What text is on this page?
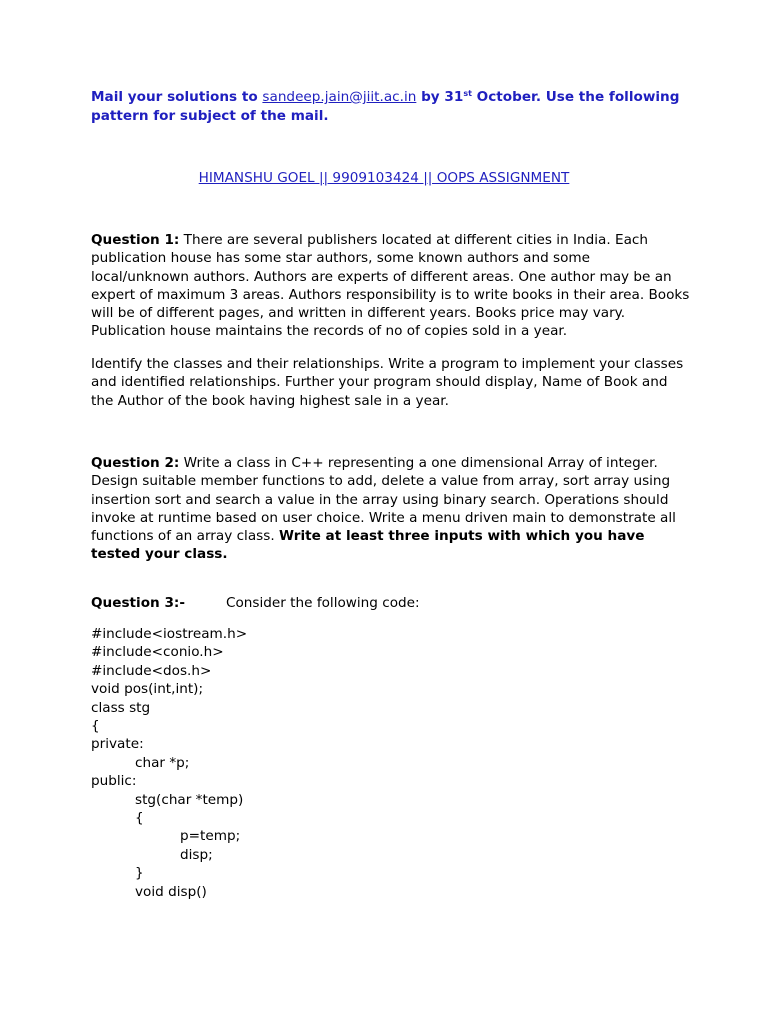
Mail your solutions to sandeep.jain@jiit.ac.in by 31st October. Use the following pattern for subject of the mail.
HIMANSHU GOEL || 9909103424 || OOPS ASSIGNMENT
Question 1: There are several publishers located at different cities in India. Each publication house has some star authors, some known authors and some local/unknown authors. Authors are experts of different areas. One author may be an expert of maximum 3 areas. Authors responsibility is to write books in their area. Books will be of different pages, and written in different years. Books price may vary. Publication house maintains the records of no of copies sold in a year.
Identify the classes and their relationships. Write a program to implement your classes and identified relationships. Further your program should display, Name of Book and the Author of the book having highest sale in a year.
Question 2: Write a class in C++ representing a one dimensional Array of integer. Design suitable member functions to add, delete a value from array, sort array using insertion sort and search a value in the array using binary search. Operations should invoke at runtime based on user choice. Write a menu driven main to demonstrate all functions of an array class. Write at least three inputs with which you have tested your class.
Question 3:-	Consider the following code:
#include<iostream.h>
#include<conio.h>
#include<dos.h>
void pos(int,int);
class stg
{
private:
char *p;
public:
stg(char *temp)
{
p=temp;
disp;
}
void disp()
